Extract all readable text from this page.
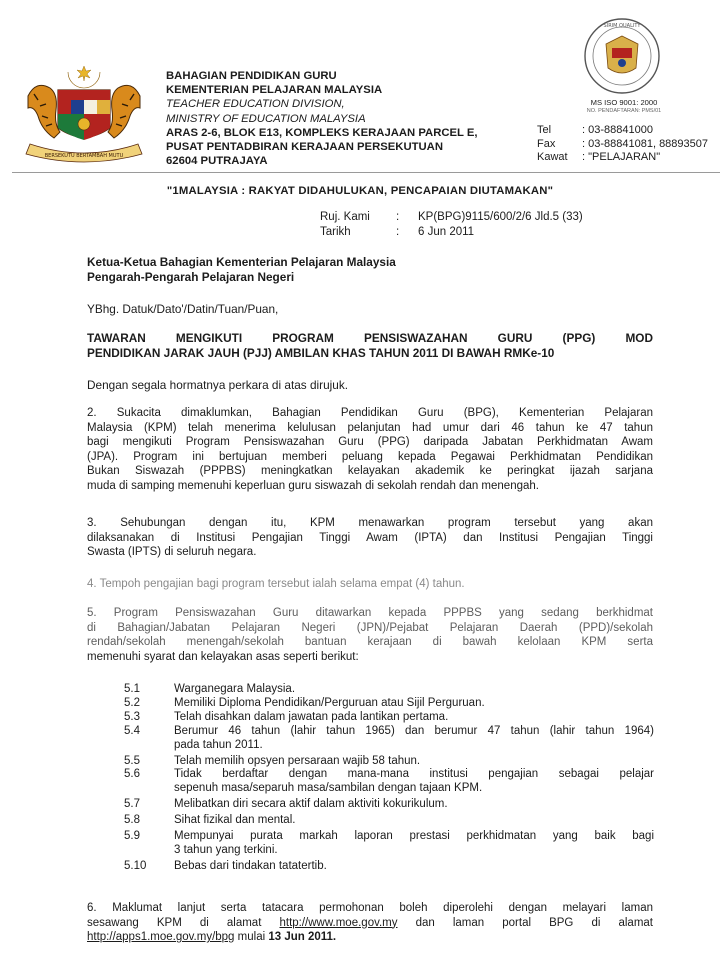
BERSEKUTU BERTAMBAH MUTU
SIRIM QUALITY
BAHAGIAN PENDIDIKAN GURU
KEMENTERIAN PELAJARAN MALAYSIA
TEACHER EDUCATION DIVISION,
MINISTRY OF EDUCATION MALAYSIA
ARAS 2-6, BLOK E13, KOMPLEKS KERAJAAN PARCEL E,
PUSAT PENTADBIRAN KERAJAAN PERSEKUTUAN
62604 PUTRAJAYA
MS ISO 9001: 2000
NO. PENDAFTARAN: PMS/01
Tel	: 03-88841000
Fax	: 03-88841081, 88893507
Kawat	: "PELAJARAN"
"1MALAYSIA : RAKYAT DIDAHULUKAN, PENCAPAIAN DIUTAMAKAN"
Ruj. Kami	:	KP(BPG)9115/600/2/6 Jld.5 (33)
Tarikh	:	6 Jun 2011
Ketua-Ketua Bahagian Kementerian Pelajaran Malaysia
Pengarah-Pengarah Pelajaran Negeri
YBhg. Datuk/Dato'/Datin/Tuan/Puan,
TAWARAN MENGIKUTI PROGRAM PENSISWAZAHAN GURU (PPG) MOD
PENDIDIKAN JARAK JAUH (PJJ) AMBILAN KHAS TAHUN 2011 DI BAWAH RMKe-10
Dengan segala hormatnya perkara di atas dirujuk.
2. Sukacita dimaklumkan, Bahagian Pendidikan Guru (BPG), Kementerian Pelajaran
Malaysia (KPM) telah menerima kelulusan pelanjutan had umur dari 46 tahun ke 47 tahun
bagi mengikuti Program Pensiswazahan Guru (PPG) daripada Jabatan Perkhidmatan Awam
(JPA). Program ini bertujuan memberi peluang kepada Pegawai Perkhidmatan Pendidikan
Bukan Siswazah (PPPBS) meningkatkan kelayakan akademik ke peringkat ijazah sarjana
muda di samping memenuhi keperluan guru siswazah di sekolah rendah dan menengah.
3. Sehubungan dengan itu, KPM menawarkan program tersebut yang akan
dilaksanakan di Institusi Pengajian Tinggi Awam (IPTA) dan Institusi Pengajian Tinggi
Swasta (IPTS) di seluruh negara.
4. Tempoh pengajian bagi program tersebut ialah selama empat (4) tahun.
5. Program Pensiswazahan Guru ditawarkan kepada PPPBS yang sedang berkhidmat
di Bahagian/Jabatan Pelajaran Negeri (JPN)/Pejabat Pelajaran Daerah (PPD)/sekolah
rendah/sekolah menengah/sekolah bantuan kerajaan di bawah kelolaan KPM serta
memenuhi syarat dan kelayakan asas seperti berikut:
5.1	Warganegara Malaysia.
5.2	Memiliki Diploma Pendidikan/Perguruan atau Sijil Perguruan.
5.3	Telah disahkan dalam jawatan pada lantikan pertama.
5.4	Berumur 46 tahun (lahir tahun 1965) dan berumur 47 tahun (lahir tahun 1964)
pada tahun 2011.
5.5	Telah memilih opsyen persaraan wajib 58 tahun.
5.6	Tidak berdaftar dengan mana-mana institusi pengajian sebagai pelajar
sepenuh masa/separuh masa/sambilan dengan tajaan KPM.
5.7	Melibatkan diri secara aktif dalam aktiviti kokurikulum.
5.8	Sihat fizikal dan mental.
5.9	Mempunyai purata markah laporan prestasi perkhidmatan yang baik bagi
3 tahun yang terkini.
5.10	Bebas dari tindakan tatatertib.
6. Maklumat lanjut serta tatacara permohonan boleh diperolehi dengan melayari laman
sesawang KPM di alamat http://www.moe.gov.my dan laman portal BPG di alamat
http://apps1.moe.gov.my/bpg mulai 13 Jun 2011.
